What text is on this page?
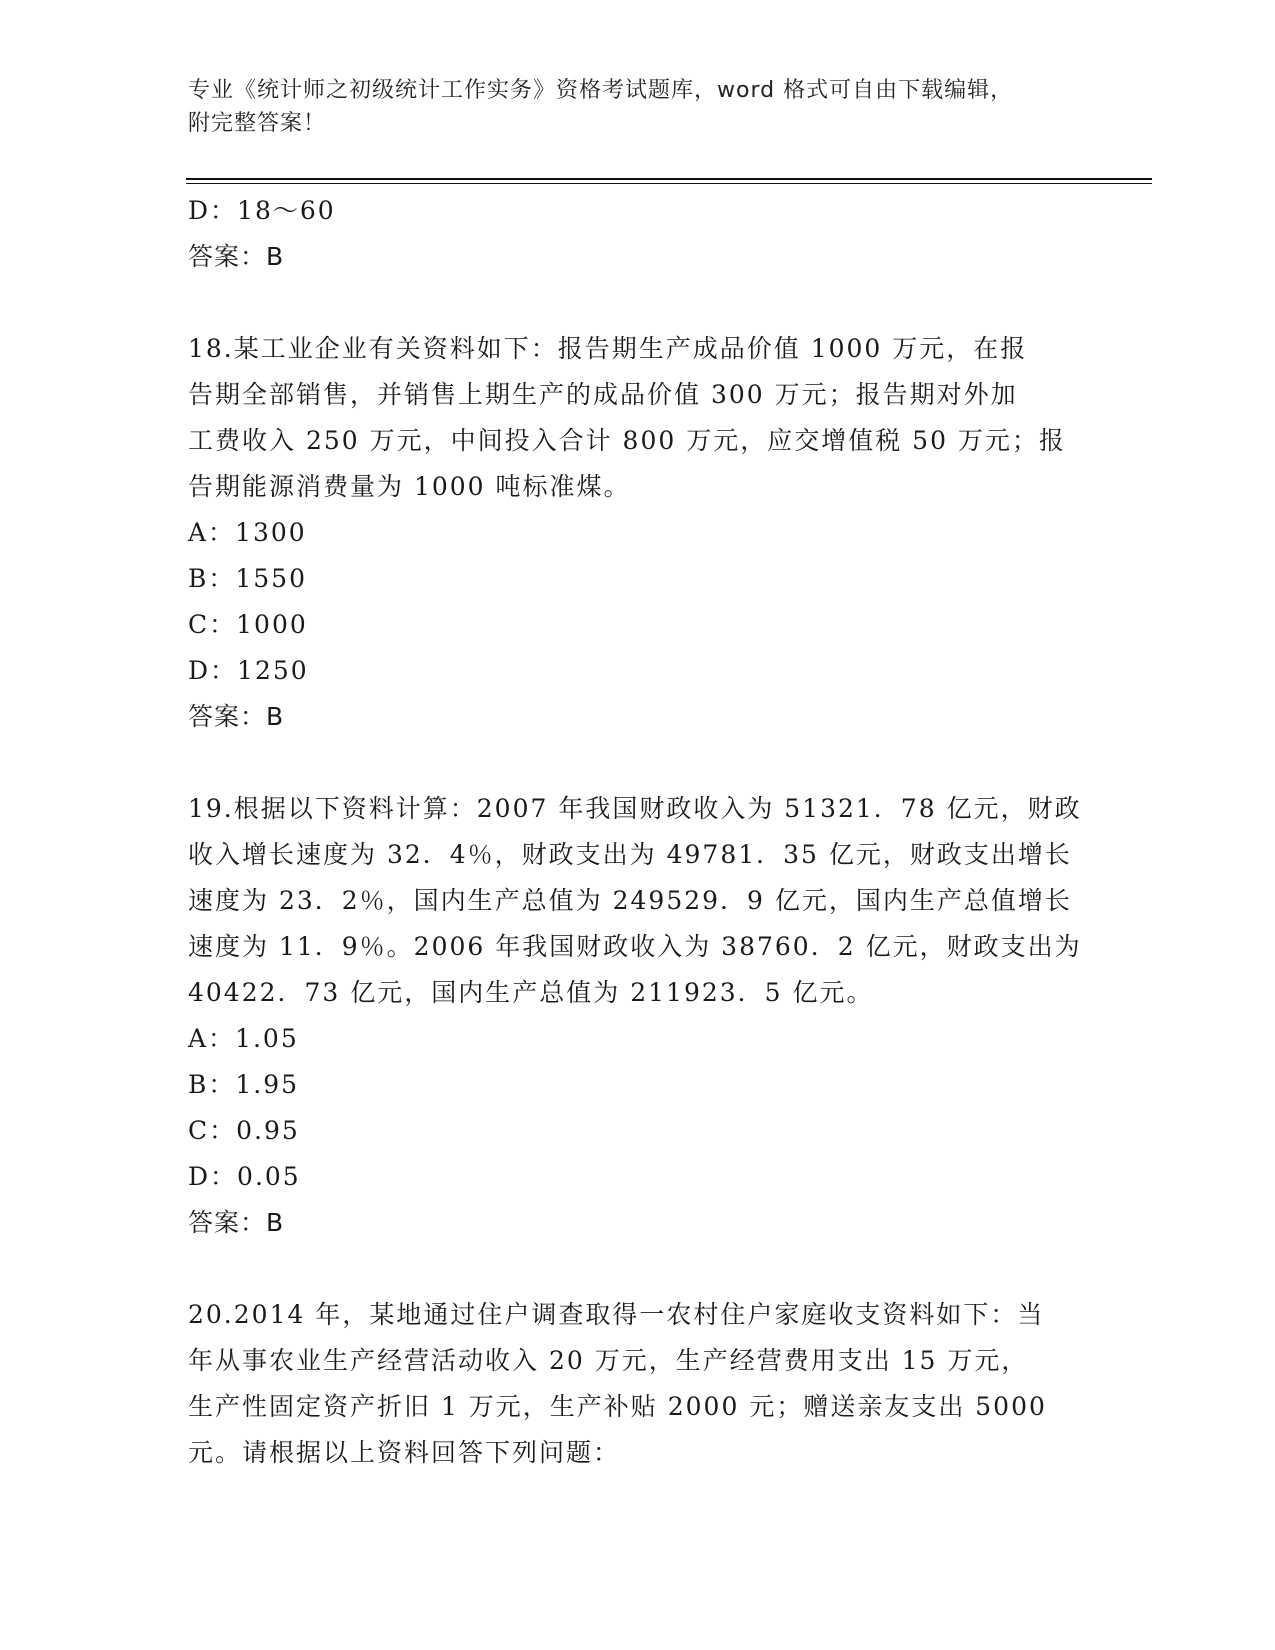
专业《统计师之初级统计工作实务》资格考试题库，word 格式可自由下载编辑，
附完整答案！
D：18～60
答案：B
18.某工业企业有关资料如下：报告期生产成品价值 1000 万元，在报
告期全部销售，并销售上期生产的成品价值 300 万元；报告期对外加
工费收入 250 万元，中间投入合计 800 万元，应交增值税 50 万元；报
告期能源消费量为 1000 吨标准煤。
A：1300
B：1550
C：1000
D：1250
答案：B
19.根据以下资料计算：2007 年我国财政收入为 51321．78 亿元，财政
收入增长速度为 32．4％，财政支出为 49781．35 亿元，财政支出增长
速度为 23．2％，国内生产总值为 249529．9 亿元，国内生产总值增长
速度为 11．9％。2006 年我国财政收入为 38760．2 亿元，财政支出为
40422．73 亿元，国内生产总值为 211923．5 亿元。
A：1.05
B：1.95
C：0.95
D：0.05
答案：B
20.2014 年，某地通过住户调查取得一农村住户家庭收支资料如下：当
年从事农业生产经营活动收入 20 万元，生产经营费用支出 15 万元，
生产性固定资产折旧 1 万元，生产补贴 2000 元；赠送亲友支出 5000
元。请根据以上资料回答下列问题：
